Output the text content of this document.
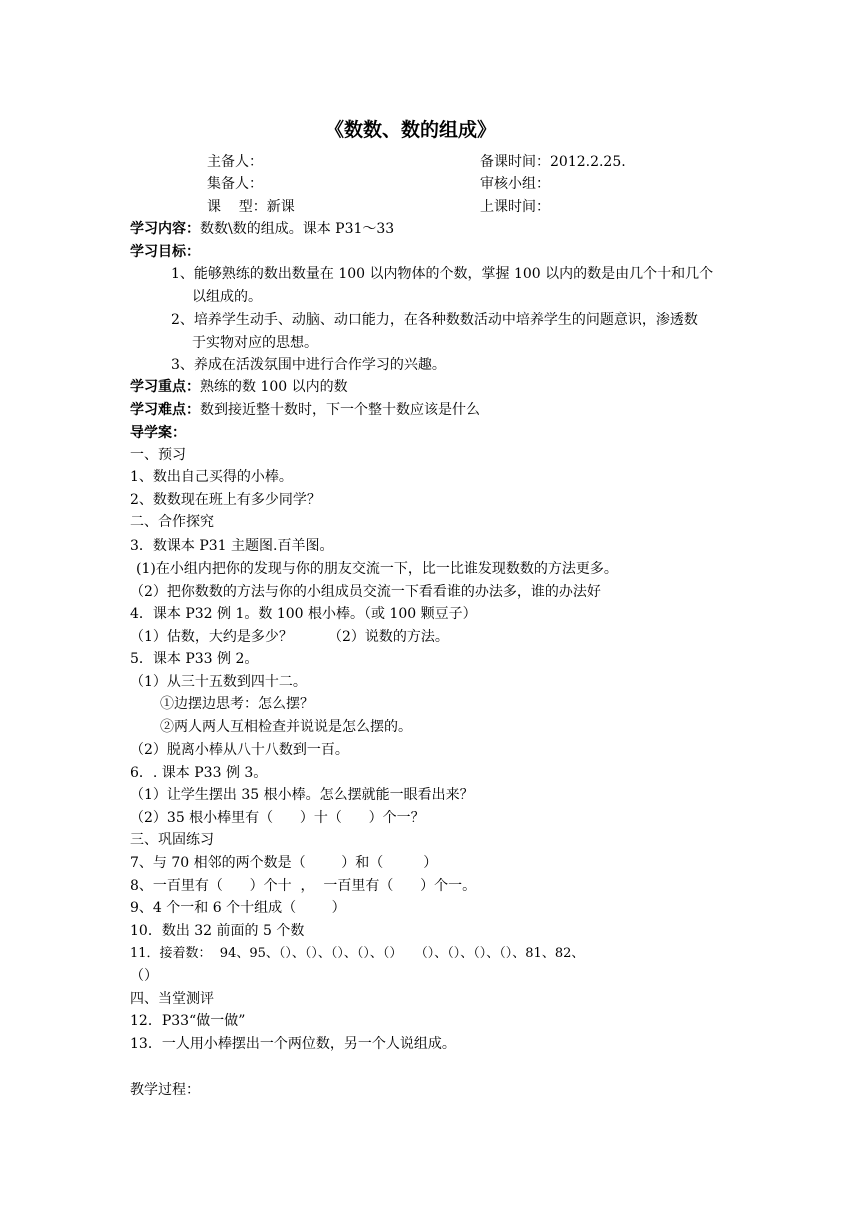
《数数、数的组成》
主备人：	备课时间：2012.2.25.
集备人：	审核小组：
课    型：新课	上课时间：
学习内容：数数\数的组成。课本 P31～33
学习目标：
1、能够熟练的数出数量在 100 以内物体的个数，掌握 100 以内的数是由几个十和几个
以组成的。
2、培养学生动手、动脑、动口能力，在各种数数活动中培养学生的问题意识，渗透数
于实物对应的思想。
3、养成在活泼氛围中进行合作学习的兴趣。
学习重点：熟练的数 100 以内的数
学习难点：数到接近整十数时，下一个整十数应该是什么
导学案：
一、预习
1、数出自己买得的小棒。
2、数数现在班上有多少同学？
二、合作探究
3．数课本 P31 主题图.百羊图。
(1)在小组内把你的发现与你的朋友交流一下，比一比谁发现数数的方法更多。
（2）把你数数的方法与你的小组成员交流一下看看谁的办法多，谁的办法好
4．课本 P32 例 1。数 100 根小棒。（或 100 颗豆子）
（1）估数，大约是多少？	（2）说数的方法。
5．课本 P33 例 2。
（1）从三十五数到四十二。
①边摆边思考：怎么摆？
②两人两人互相检查并说说是怎么摆的。
（2）脱离小棒从八十八数到一百。
6．. 课本 P33 例 3。
（1）让学生摆出 35 根小棒。怎么摆就能一眼看出来？
（2）35 根小棒里有（      ）十（      ）个一？
三、巩固练习
7、与 70 相邻的两个数是（        ）和（         ）
8、一百里有（      ）个十  ，  一百里有（      ）个一。
9、4 个一和 6 个十组成（        ）
10．数出 32 前面的 5 个数
11．接着数：  94、95、（）、（）、（）、（）、（）   （）、（）、（）、（）、81、82、
（）
四、当堂测评
12．P33“做一做”
13．一人用小棒摆出一个两位数，另一个人说组成。
教学过程：
